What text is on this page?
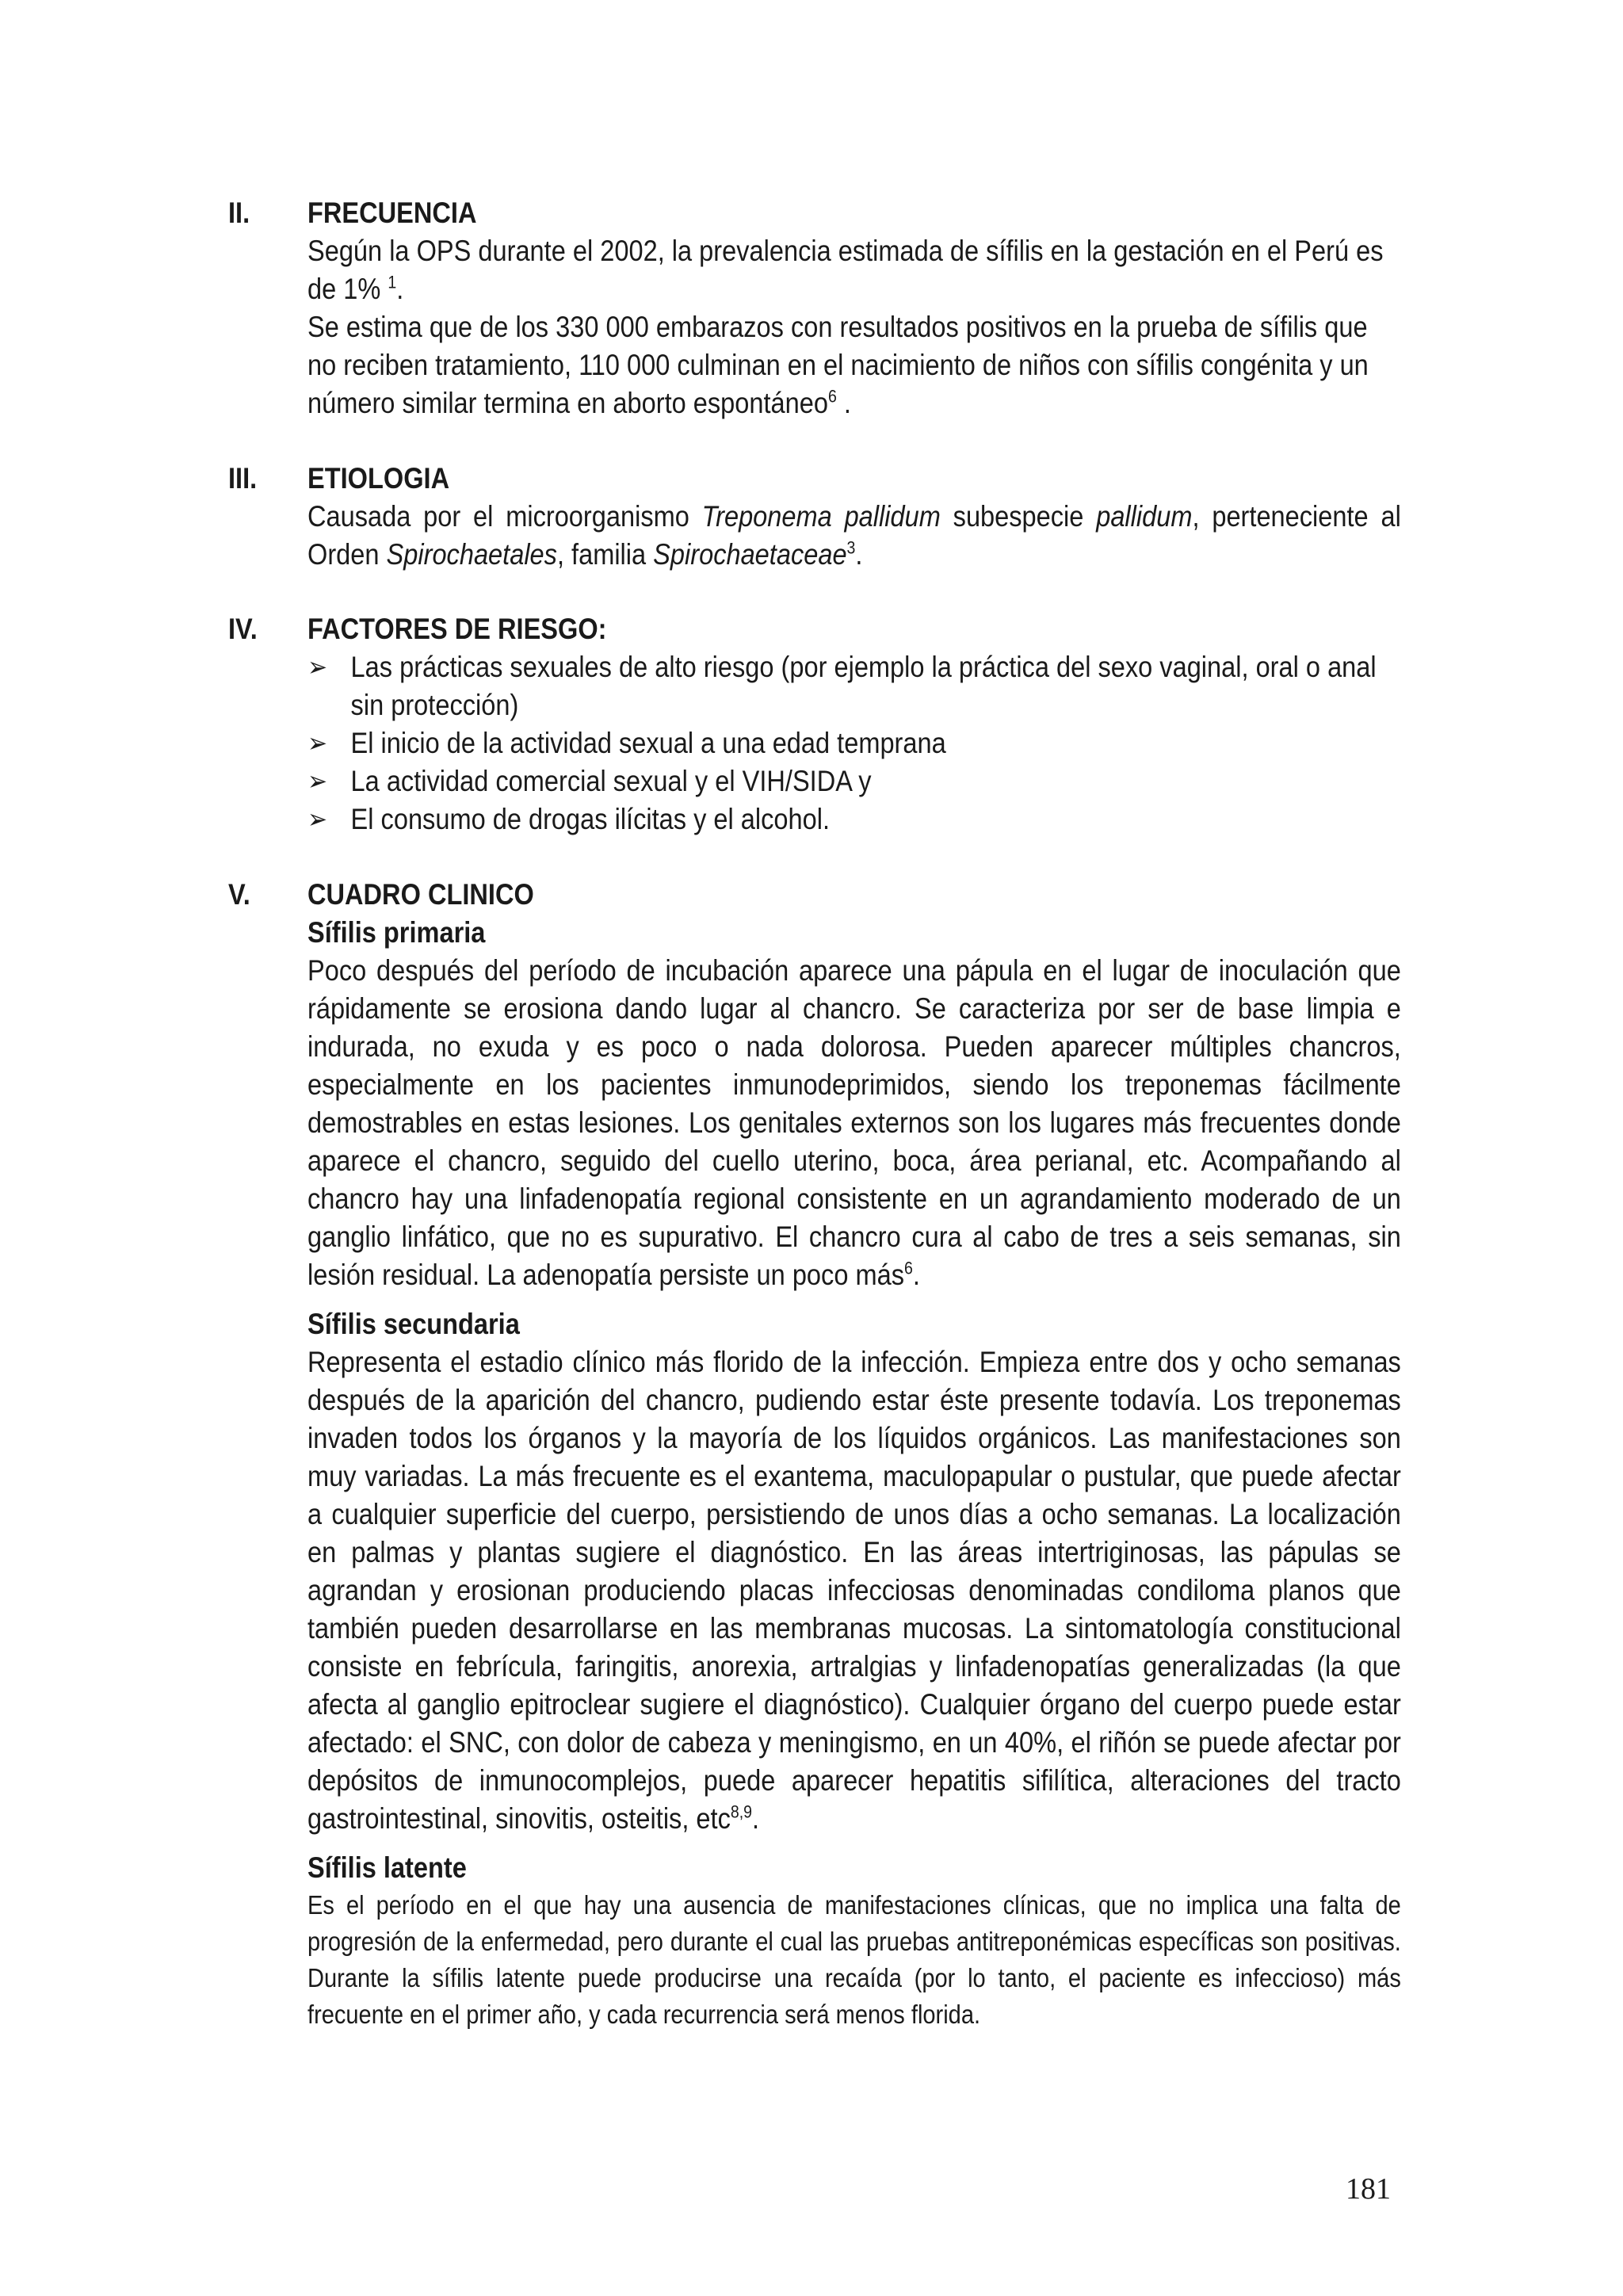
II. FRECUENCIA
Según la OPS durante el 2002, la prevalencia estimada de sífilis en la gestación en el Perú es de 1% $^1$.
Se estima que de los 330 000 embarazos con resultados positivos en la prueba de sífilis que no reciben tratamiento, 110 000 culminan en el nacimiento de niños con sífilis congénita y un número similar termina en aborto espontáneo$^6$ .
III. ETIOLOGIA
Causada por el microorganismo Treponema pallidum subespecie pallidum, perteneciente al Orden Spirochaetales, familia Spirochaetaceae$^3$.
IV. FACTORES DE RIESGO:
➢ Las prácticas sexuales de alto riesgo (por ejemplo la práctica del sexo vaginal, oral o anal sin protección)
➢ El inicio de la actividad sexual a una edad temprana
➢ La actividad comercial sexual y el VIH/SIDA y
➢ El consumo de drogas ilícitas y el alcohol.
V. CUADRO CLINICO
Sífilis primaria
Poco después del período de incubación aparece una pápula en el lugar de inoculación que rápidamente se erosiona dando lugar al chancro. Se caracteriza por ser de base limpia e indurada, no exuda y es poco o nada dolorosa. Pueden aparecer múltiples chancros, especialmente en los pacientes inmunodeprimidos, siendo los treponemas fácilmente demostrables en estas lesiones. Los genitales externos son los lugares más frecuentes donde aparece el chancro, seguido del cuello uterino, boca, área perianal, etc. Acompañando al chancro hay una linfadenopatía regional consistente en un agrandamiento moderado de un ganglio linfático, que no es supurativo. El chancro cura al cabo de tres a seis semanas, sin lesión residual. La adenopatía persiste un poco más$^6$.
Sífilis secundaria
Representa el estadio clínico más florido de la infección. Empieza entre dos y ocho semanas después de la aparición del chancro, pudiendo estar éste presente todavía. Los treponemas invaden todos los órganos y la mayoría de los líquidos orgánicos. Las manifestaciones son muy variadas. La más frecuente es el exantema, maculopapular o pustular, que puede afectar a cualquier superficie del cuerpo, persistiendo de unos días a ocho semanas. La localización en palmas y plantas sugiere el diagnóstico. En las áreas intertriginosas, las pápulas se agrandan y erosionan produciendo placas infecciosas denominadas condiloma planos que también pueden desarrollarse en las membranas mucosas. La sintomatología constitucional consiste en febrícula, faringitis, anorexia, artralgias y linfadenopatías generalizadas (la que afecta al ganglio epitroclear sugiere el diagnóstico). Cualquier órgano del cuerpo puede estar afectado: el SNC, con dolor de cabeza y meningismo, en un 40%, el riñón se puede afectar por depósitos de inmunocomplejos, puede aparecer hepatitis sifilítica, alteraciones del tracto gastrointestinal, sinovitis, osteitis, etc$^{8,9}$.
Sífilis latente
Es el período en el que hay una ausencia de manifestaciones clínicas, que no implica una falta de progresión de la enfermedad, pero durante el cual las pruebas antitreponémicas específicas son positivas. Durante la sífilis latente puede producirse una recaída (por lo tanto, el paciente es infeccioso) más frecuente en el primer año, y cada recurrencia será menos florida.
181
